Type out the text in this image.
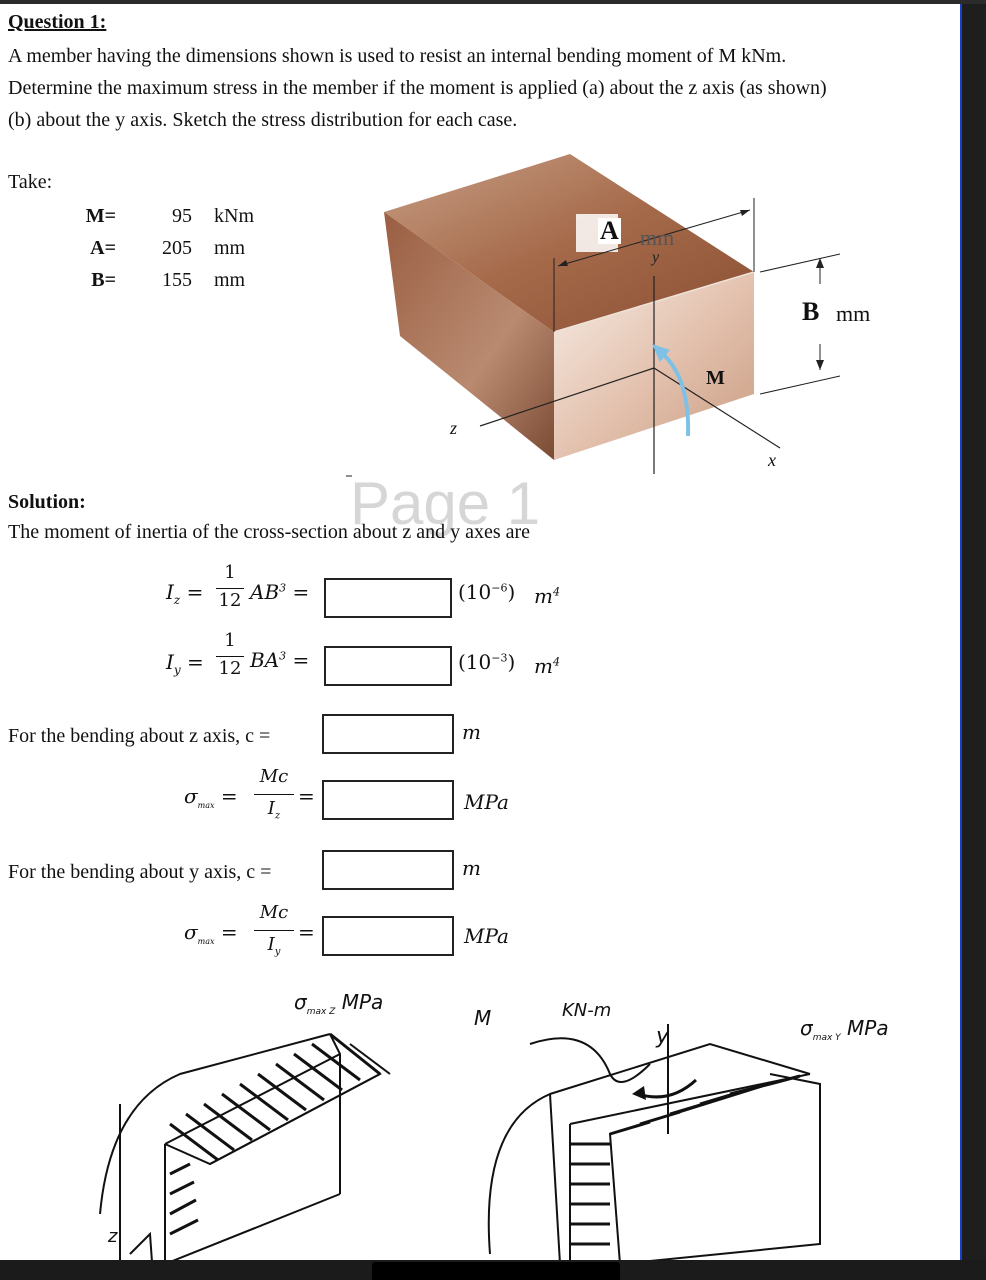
Question 1:
A member having the dimensions shown is used to resist an internal bending moment of M kNm.
Determine the maximum stress in the member if the moment is applied (a) about the z axis (as shown)
(b) about the y axis. Sketch the stress distribution for each case.
Take:
M=	95	kNm
A=	205	mm
B=	155	mm
A mm
y
B mm
M
z
x
Page 1
Solution:
The moment of inertia of the cross-section about z and y axes are
$I_z$ =
1
12 $AB^3$ =	$(10^{-6})$ $m^4$
$I_y$ =
1
12 $BA^3$ =	$(10^{-3})$ $m^4$
For the bending about z axis, c =	m
$\sigma_{max}$ =
Mc
$I_z$
=	MPa
For the bending about y axis, c =	m
$\sigma_{max}$ =
Mc
$I_y$
=	MPa
$\sigma_{max Z}$ MPa
M	KN-m
y	$\sigma_{max Y}$ MPa
z
